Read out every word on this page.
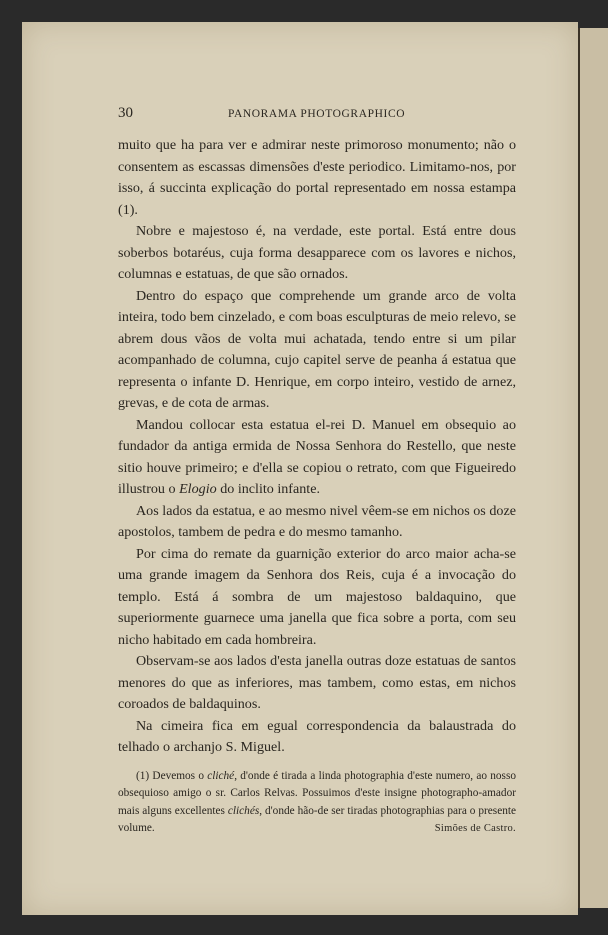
30	PANORAMA PHOTOGRAPHICO

muito que ha para ver e admirar neste primoroso monumento; não o consentem as escassas dimensões d'este periodico. Limitamo-nos, por isso, á succinta explicação do portal representado em nossa estampa (1).

Nobre e majestoso é, na verdade, este portal. Está entre dous soberbos botaréus, cuja forma desapparece com os lavores e nichos, columnas e estatuas, de que são ornados.

Dentro do espaço que comprehende um grande arco de volta inteira, todo bem cinzelado, e com boas esculpturas de meio relevo, se abrem dous vãos de volta mui achatada, tendo entre si um pilar acompanhado de columna, cujo capitel serve de peanha á estatua que representa o infante D. Henrique, em corpo inteiro, vestido de arnez, grevas, e de cota de armas.

Mandou collocar esta estatua el-rei D. Manuel em obsequio ao fundador da antiga ermida de Nossa Senhora do Restello, que neste sitio houve primeiro; e d'ella se copiou o retrato, com que Figueiredo illustrou o Elogio do inclito infante.

Aos lados da estatua, e ao mesmo nivel vêem-se em nichos os doze apostolos, tambem de pedra e do mesmo tamanho.

Por cima do remate da guarnição exterior do arco maior acha-se uma grande imagem da Senhora dos Reis, cuja é a invocação do templo. Está á sombra de um majestoso baldaquino, que superiormente guarnece uma janella que fica sobre a porta, com seu nicho habitado em cada hombreira.

Observam-se aos lados d'esta janella outras doze estatuas de santos menores do que as inferiores, mas tambem, como estas, em nichos coroados de baldaquinos.

Na cimeira fica em egual correspondencia da balaustrada do telhado o archanjo S. Miguel.

(1) Devemos o cliché, d'onde é tirada a linda photographia d'este numero, ao nosso obsequioso amigo o sr. Carlos Relvas. Possuimos d'este insigne photographo-amador mais alguns excellentes clichés, d'onde hão-de ser tiradas photographias para o presente volume.	Simões de Castro.
